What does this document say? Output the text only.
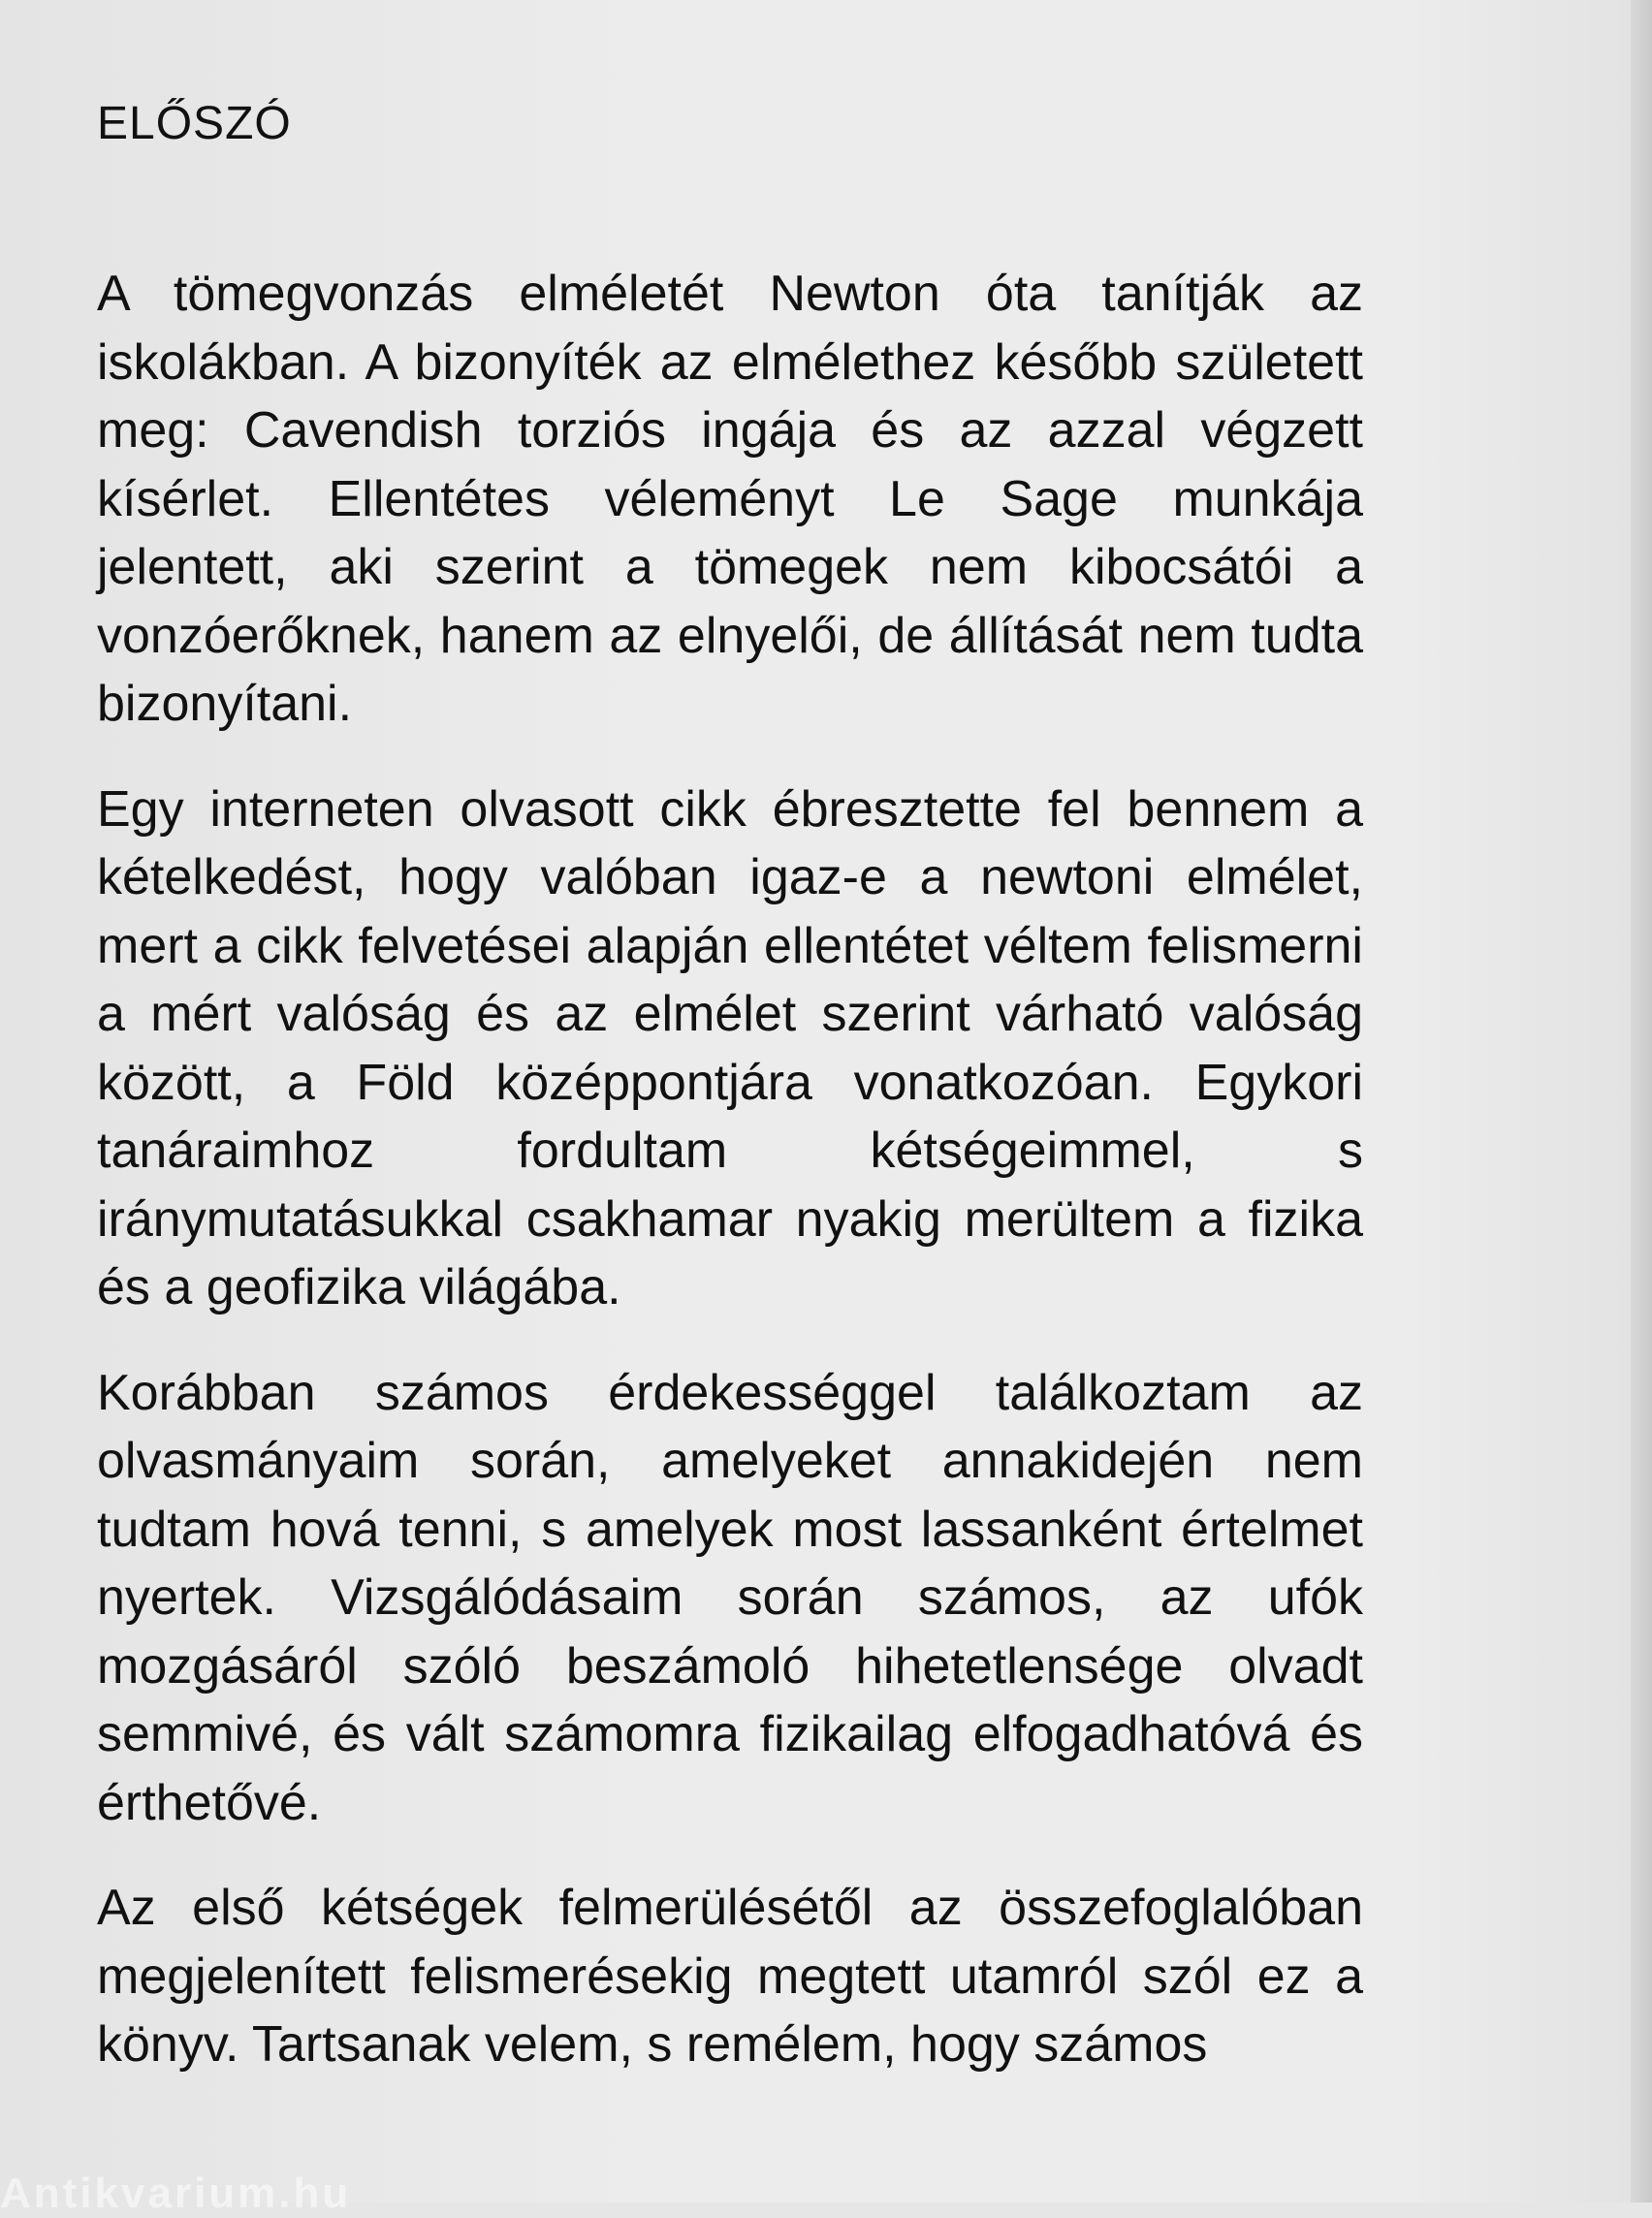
ELŐSZÓ

A tömegvonzás elméletét Newton óta tanítják az iskolákban. A bizonyíték az elmélethez később született meg: Cavendish torziós ingája és az azzal végzett kísérlet. Ellentétes véleményt Le Sage munkája jelentett, aki szerint a tömegek nem kibocsátói a vonzóerőknek, hanem az elnyelői, de állítását nem tudta bizonyítani.

Egy interneten olvasott cikk ébresztette fel bennem a kételkedést, hogy valóban igaz-e a newtoni elmélet, mert a cikk felvetései alapján ellentétet véltem felismerni a mért valóság és az elmélet szerint várható valóság között, a Föld középpontjára vonatkozóan. Egykori tanáraimhoz fordultam kétségeimmel, s iránymutatásukkal csakhamar nyakig merültem a fizika és a geofizika világába.

Korábban számos érdekességgel találkoztam az olvasmányaim során, amelyeket annakidején nem tudtam hová tenni, s amelyek most lassanként értelmet nyertek. Vizsgálódásaim során számos, az ufók mozgásáról szóló beszámoló hihetetlensége olvadt semmivé, és vált számomra fizikailag elfogadhatóvá és érthetővé.

Az első kétségek felmerülésétől az összefoglalóban megjelenített felismerésekig megtett utamról szól ez a könyv. Tartsanak velem, s remélem, hogy számos

Antikvarium.hu
